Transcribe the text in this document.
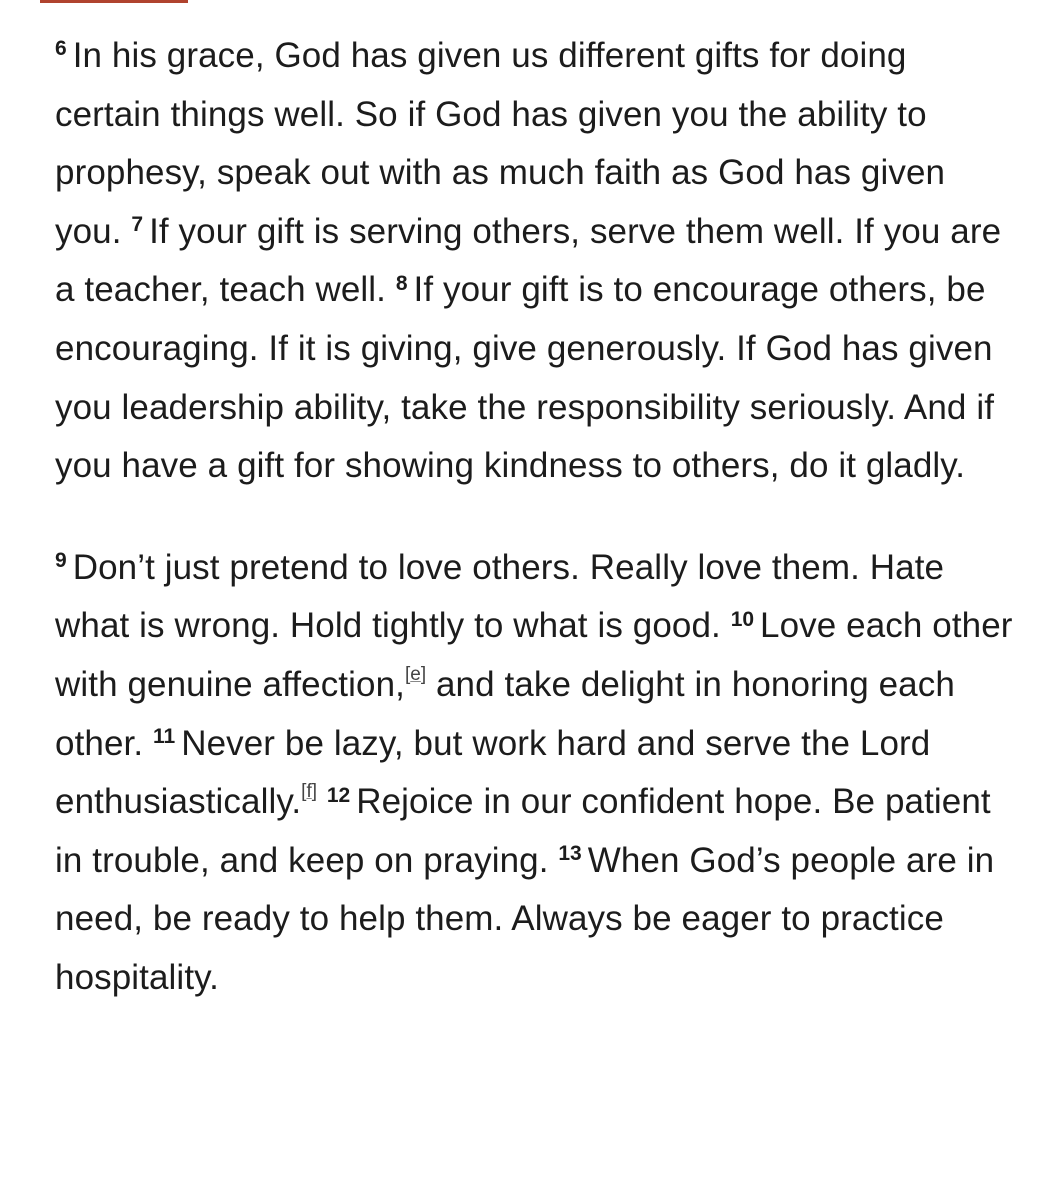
$^6$ In his grace, God has given us different gifts for doing certain things well. So if God has given you the ability to prophesy, speak out with as much faith as God has given you. $^7$ If your gift is serving others, serve them well. If you are a teacher, teach well. $^8$ If your gift is to encourage others, be encouraging. If it is giving, give generously. If God has given you leadership ability, take the responsibility seriously. And if you have a gift for showing kindness to others, do it gladly.

$^9$ Don’t just pretend to love others. Really love them. Hate what is wrong. Hold tightly to what is good. $^{10}$ Love each other with genuine affection,[e] and take delight in honoring each other. $^{11}$ Never be lazy, but work hard and serve the Lord enthusiastically.[f] $^{12}$ Rejoice in our confident hope. Be patient in trouble, and keep on praying. $^{13}$ When God’s people are in need, be ready to help them. Always be eager to practice hospitality.
